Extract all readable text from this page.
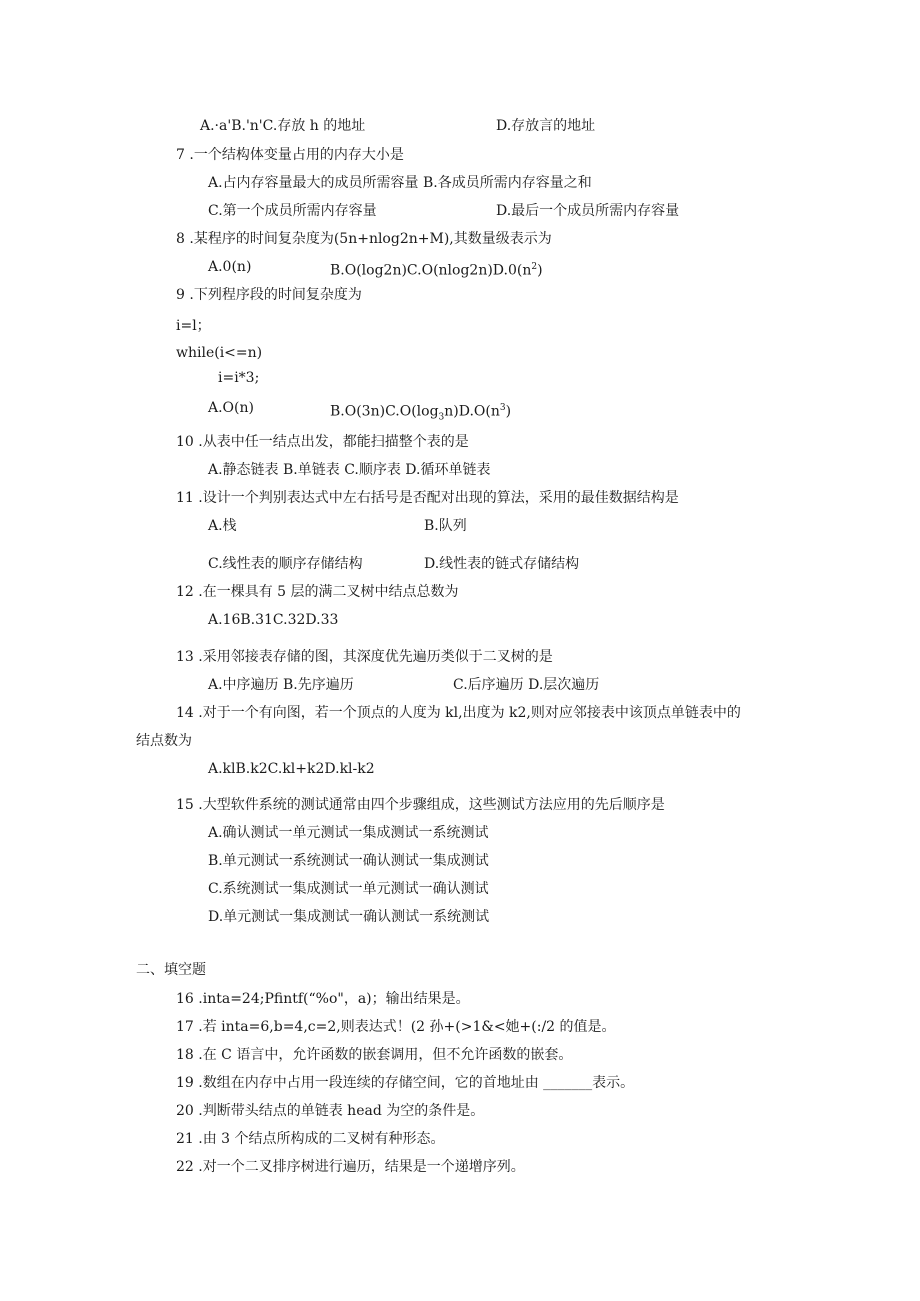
A.·a'B.'n'C.存放 h 的地址	D.存放言的地址
7 .一个结构体变量占用的内存大小是
A.占内存容量最大的成员所需容量 B.各成员所需内存容量之和
C.第一个成员所需内存容量	D.最后一个成员所需内存容量
8 .某程序的时间复杂度为(5n+nlog2n+M),其数量级表示为
A.0(n)	$B.O(\log 2n)C.O(nlog2n)D.0(n^2)$
9 .下列程序段的时间复杂度为
i=l；
while(i<=n)
i=i*3;
A.O(n)	$B.O(3n)C.O(\log_3n)D.O(n^3)$
10 .从表中任一结点出发，都能扫描整个表的是
A.静态链表 B.单链表 C.顺序表 D.循环单链表
11 .设计一个判别表达式中左右括号是否配对出现的算法，采用的最佳数据结构是
A.栈	B.队列
C.线性表的顺序存储结构	D.线性表的链式存储结构
12 .在一棵具有 5 层的满二叉树中结点总数为
A.16B.31C.32D.33
13 .采用邻接表存储的图，其深度优先遍历类似于二叉树的是
A.中序遍历 B.先序遍历	C.后序遍历 D.层次遍历
14 .对于一个有向图，若一个顶点的人度为 kl,出度为 k2,则对应邻接表中该顶点单链表中的
结点数为
A.klB.k2C.kl+k2D.kl-k2
15 .大型软件系统的测试通常由四个步骤组成，这些测试方法应用的先后顺序是
A.确认测试一单元测试一集成测试一系统测试
B.单元测试一系统测试一确认测试一集成测试
C.系统测试一集成测试一单元测试一确认测试
D.单元测试一集成测试一确认测试一系统测试
二、填空题
16 .inta=24;Pfintf(“%o"，a)；输出结果是。
17 .若 inta=6,b=4,c=2,则表达式！(2 孙+(>1&<她+(:/2 的值是。
18 .在 C 语言中，允许函数的嵌套调用，但不允许函数的嵌套。
19 .数组在内存中占用一段连续的存储空间，它的首地址由 _______表示。
20 .判断带头结点的单链表 head 为空的条件是。
21 .由 3 个结点所构成的二叉树有种形态。
22 .对一个二叉排序树进行遍历，结果是一个递增序列。
